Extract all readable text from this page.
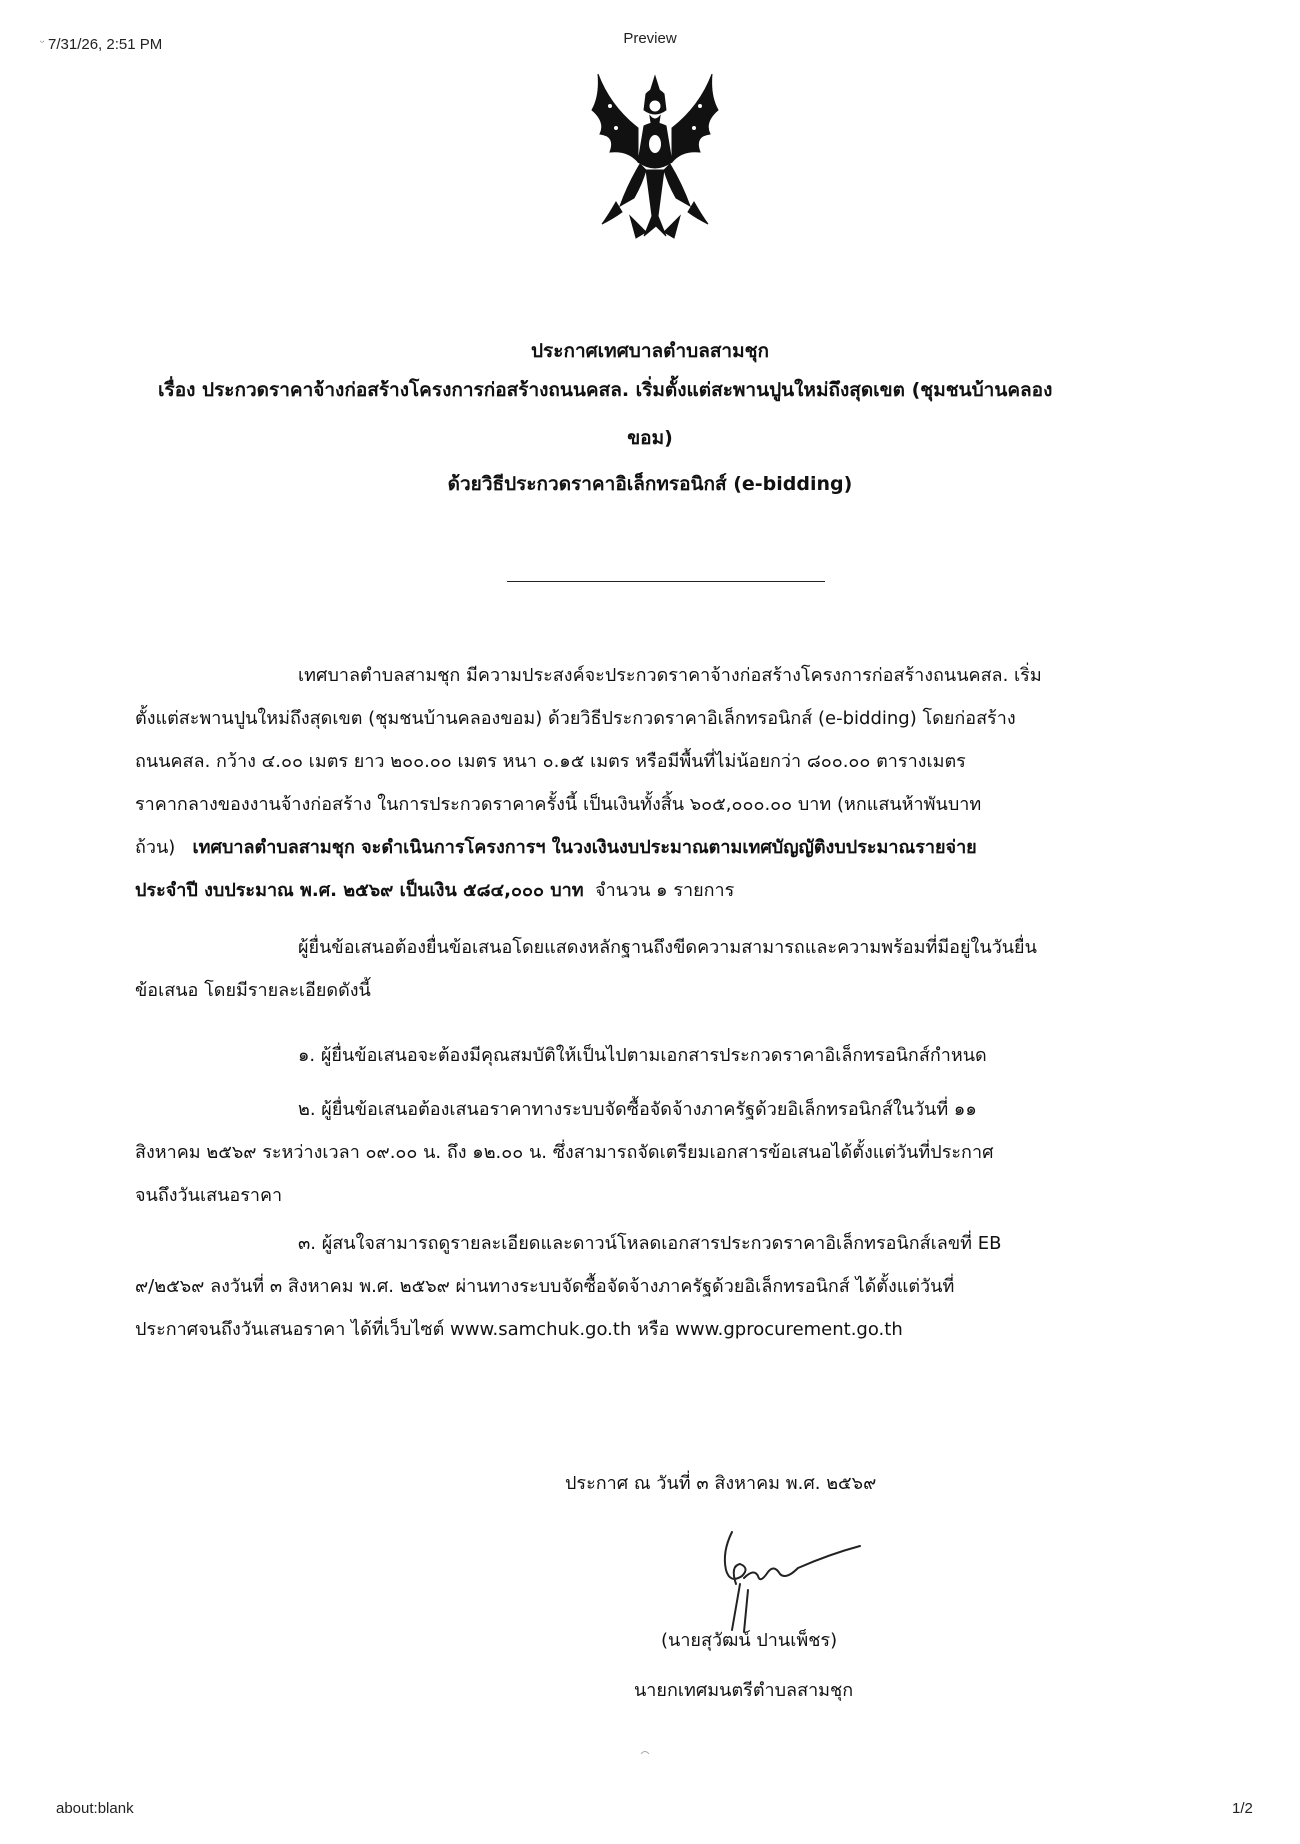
7/31/26, 2:51 PM	Preview
ᵕ
ประกาศเทศบาลตำบลสามชุก
เรื่อง ประกวดราคาจ้างก่อสร้างโครงการก่อสร้างถนนคสล. เริ่มตั้งแต่สะพานปูนใหม่ถึงสุดเขต (ชุมชนบ้านคลอง
ขอม)
ด้วยวิธีประกวดราคาอิเล็กทรอนิกส์ (e-bidding)
เทศบาลตำบลสามชุก มีความประสงค์จะประกวดราคาจ้างก่อสร้างโครงการก่อสร้างถนนคสล. เริ่ม
ตั้งแต่สะพานปูนใหม่ถึงสุดเขต (ชุมชนบ้านคลองขอม) ด้วยวิธีประกวดราคาอิเล็กทรอนิกส์ (e-bidding) โดยก่อสร้าง
ถนนคสล. กว้าง ๔.๐๐ เมตร ยาว ๒๐๐.๐๐ เมตร หนา ๐.๑๕ เมตร หรือมีพื้นที่ไม่น้อยกว่า ๘๐๐.๐๐ ตารางเมตร
ราคากลางของงานจ้างก่อสร้าง ในการประกวดราคาครั้งนี้ เป็นเงินทั้งสิ้น ๖๐๕,๐๐๐.๐๐ บาท (หกแสนห้าพันบาท
ถ้วน) เทศบาลตำบลสามชุก จะดำเนินการโครงการฯ ในวงเงินงบประมาณตามเทศบัญญัติงบประมาณรายจ่าย
ประจำปี งบประมาณ พ.ศ. ๒๕๖๙ เป็นเงิน ๕๘๔,๐๐๐ บาท จำนวน ๑ รายการ
ผู้ยื่นข้อเสนอต้องยื่นข้อเสนอโดยแสดงหลักฐานถึงขีดความสามารถและความพร้อมที่มีอยู่ในวันยื่น
ข้อเสนอ โดยมีรายละเอียดดังนี้
๑. ผู้ยื่นข้อเสนอจะต้องมีคุณสมบัติให้เป็นไปตามเอกสารประกวดราคาอิเล็กทรอนิกส์กำหนด
๒. ผู้ยื่นข้อเสนอต้องเสนอราคาทางระบบจัดซื้อจัดจ้างภาครัฐด้วยอิเล็กทรอนิกส์ในวันที่ ๑๑
สิงหาคม ๒๕๖๙ ระหว่างเวลา ๐๙.๐๐ น. ถึง ๑๒.๐๐ น. ซึ่งสามารถจัดเตรียมเอกสารข้อเสนอได้ตั้งแต่วันที่ประกาศ
จนถึงวันเสนอราคา
๓. ผู้สนใจสามารถดูรายละเอียดและดาวน์โหลดเอกสารประกวดราคาอิเล็กทรอนิกส์เลขที่ EB
๙/๒๕๖๙ ลงวันที่ ๓ สิงหาคม พ.ศ. ๒๕๖๙ ผ่านทางระบบจัดซื้อจัดจ้างภาครัฐด้วยอิเล็กทรอนิกส์ ได้ตั้งแต่วันที่
ประกาศจนถึงวันเสนอราคา ได้ที่เว็บไซต์ www.samchuk.go.th หรือ www.gprocurement.go.th
ประกาศ ณ วันที่ ๓ สิงหาคม พ.ศ. ๒๕๖๙
(นายสุวัฒน์ ปานเพ็ชร)
นายกเทศมนตรีตำบลสามชุก
about:blank	1/2
